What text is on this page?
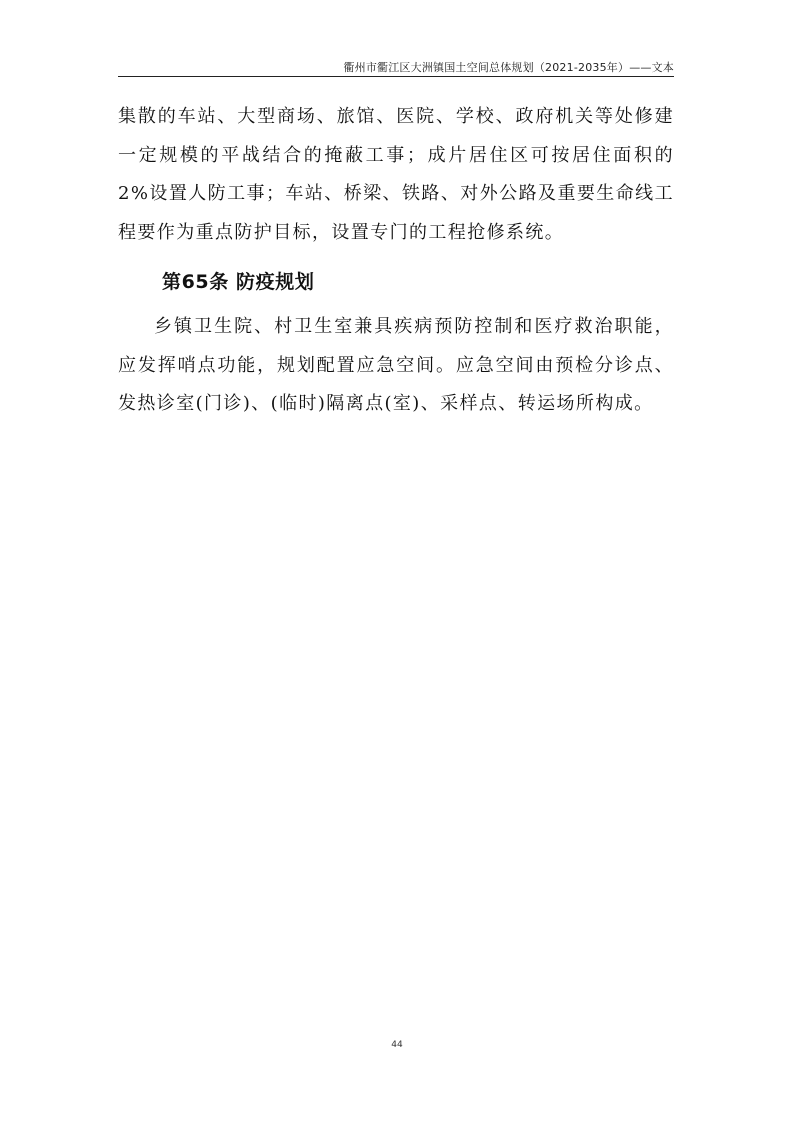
衢州市衢江区大洲镇国土空间总体规划（2021-2035年）——文本

集散的车站、大型商场、旅馆、医院、学校、政府机关等处修建一定规模的平战结合的掩蔽工事；成片居住区可按居住面积的 2%设置人防工事；车站、桥梁、铁路、对外公路及重要生命线工程要作为重点防护目标，设置专门的工程抢修系统。

第65条 防疫规划

乡镇卫生院、村卫生室兼具疾病预防控制和医疗救治职能，应发挥哨点功能，规划配置应急空间。应急空间由预检分诊点、发热诊室(门诊)、(临时)隔离点(室)、采样点、转运场所构成。

44
